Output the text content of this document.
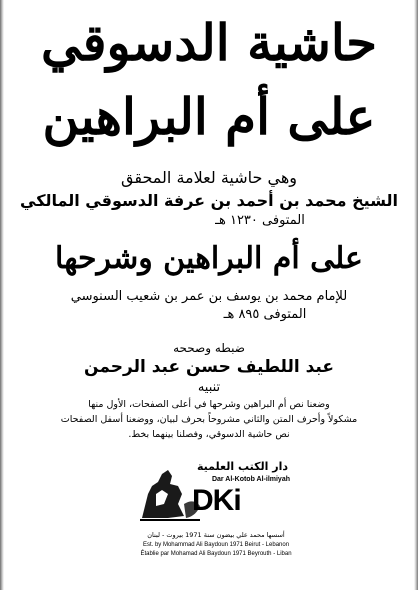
حاشية الدسوقي
على أم البراهين
وهي حاشية لعلامة المحقق
الشيخ محمد بن أحمد بن عرفة الدسوقي المالكي
المتوفى ١٢٣٠ هـ
على أم البراهين وشرحها
للإمام محمد بن يوسف بن عمر بن شعيب السنوسي
المتوفى ٨٩٥ هـ
ضبطه وصححه
عبد اللطيف حسن عبد الرحمن
تنبيه
وضعنا نص أم البراهين وشرحها في أعلى الصفحات، الأول منها
مشكولاً وأحرف المتن والثاني مشروحاً بحرف لبيان، ووضعنا أسفل الصفحات
نص حاشية الدسوقي، وفصلنا بينهما بخط.
دار الكتب العلمية
Dar Al-Kotob Al-ilmiyah
DKi
أسسها محمد علي بيضون سنة 1971 بيروت - لبنان
Est. by Mohammad Ali Baydoun 1971 Beirut - Lebanon
Établie par Mohamad Ali Baydoun 1971 Beyrouth - Liban
